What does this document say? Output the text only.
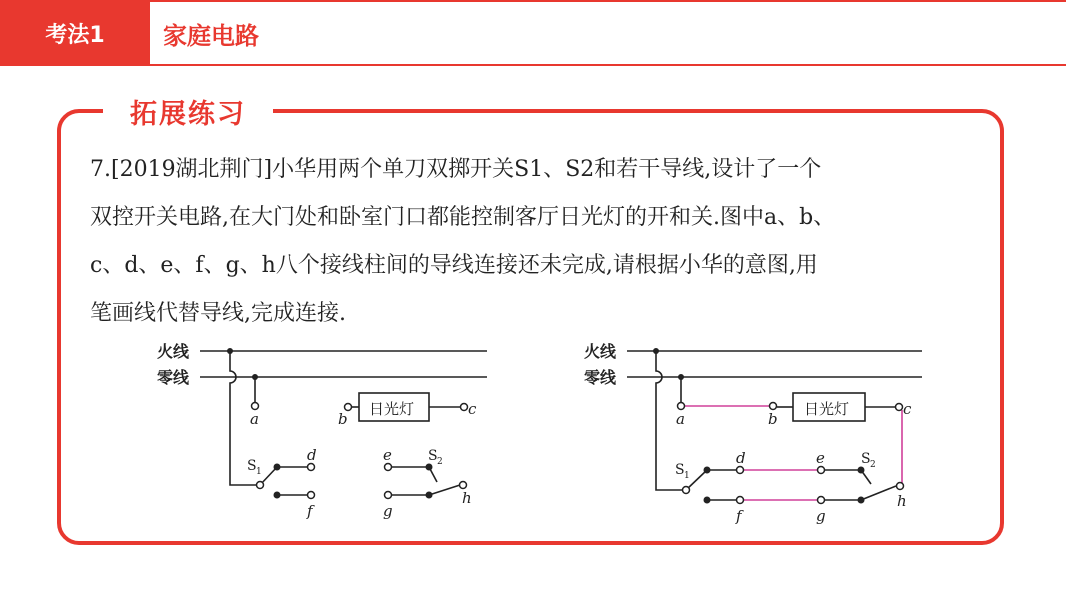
考法1	家庭电路
拓展练习

7.[2019湖北荆门]小华用两个单刀双掷开关S1、S2和若干导线,设计了一个

双控开关电路,在大门处和卧室门口都能控制客厅日光灯的开和关.图中a、b、

c、d、e、f、g、h八个接线柱间的导线连接还未完成,请根据小华的意图,用

笔画线代替导线,完成连接.

火线
零线
日光灯
a	b
c
d
f
e
g
h
S 1
S 2
火线
零线
日光灯
a	b
c
d
f
e
g
h
S 1
S 2
